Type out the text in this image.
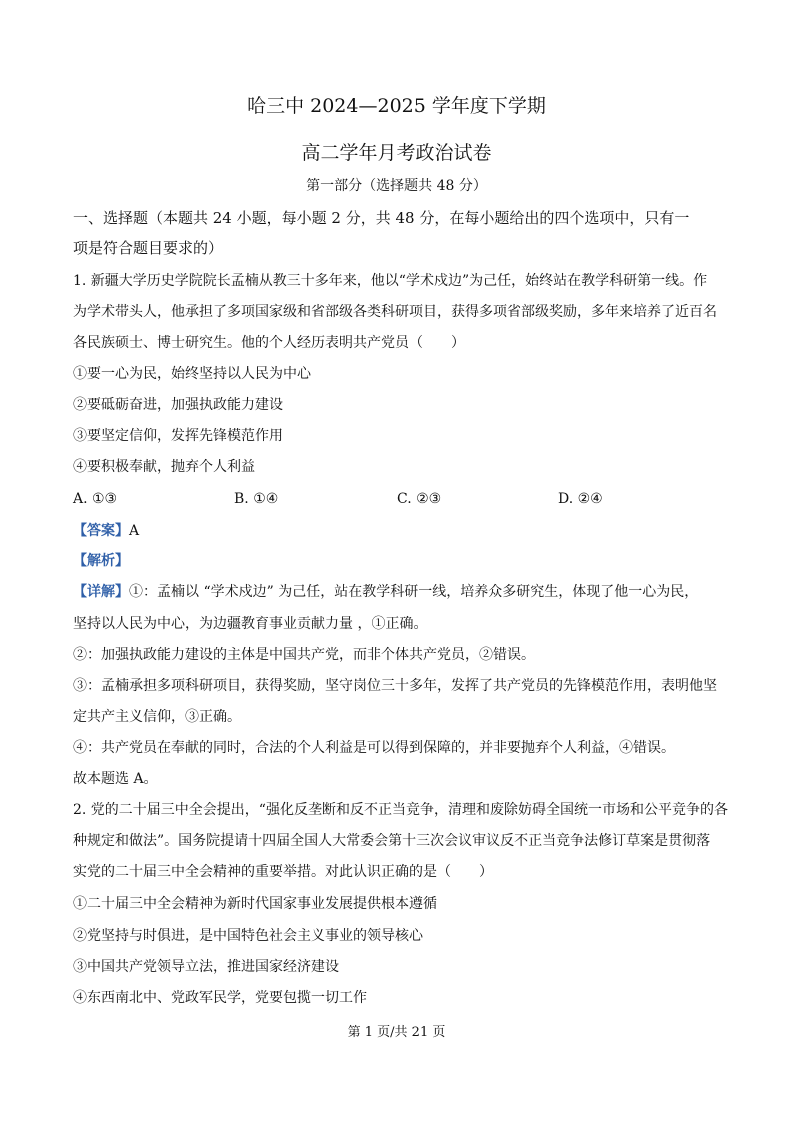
哈三中 2024—2025 学年度下学期
高二学年月考政治试卷
第一部分（选择题共 48 分）
一、选择题（本题共 24 小题，每小题 2 分，共 48 分，在每小题给出的四个选项中，只有一
项是符合题目要求的）
1. 新疆大学历史学院院长孟楠从教三十多年来，他以“学术戍边”为己任，始终站在教学科研第一线。作
为学术带头人，他承担了多项国家级和省部级各类科研项目，获得多项省部级奖励，多年来培养了近百名
各民族硕士、博士研究生。他的个人经历表明共产党员（　　）
①要一心为民，始终坚持以人民为中心
②要砥砺奋进，加强执政能力建设
③要坚定信仰，发挥先锋模范作用
④要积极奉献，抛弃个人利益
A. ①③	B. ①④	C. ②③	D. ②④
【答案】A
【解析】
【详解】①：孟楠以 “学术戍边” 为己任，站在教学科研一线，培养众多研究生，体现了他一心为民，
坚持以人民为中心，为边疆教育事业贡献力量 ，①正确。
②：加强执政能力建设的主体是中国共产党，而非个体共产党员，②错误。
③：孟楠承担多项科研项目，获得奖励，坚守岗位三十多年，发挥了共产党员的先锋模范作用，表明他坚
定共产主义信仰，③正确。
④：共产党员在奉献的同时，合法的个人利益是可以得到保障的，并非要抛弃个人利益，④错误。
故本题选 A。
2. 党的二十届三中全会提出，“强化反垄断和反不正当竞争，清理和废除妨碍全国统一市场和公平竞争的各
种规定和做法”。国务院提请十四届全国人大常委会第十三次会议审议反不正当竞争法修订草案是贯彻落
实党的二十届三中全会精神的重要举措。对此认识正确的是（　　）
①二十届三中全会精神为新时代国家事业发展提供根本遵循
②党坚持与时俱进，是中国特色社会主义事业的领导核心
③中国共产党领导立法，推进国家经济建设
④东西南北中、党政军民学，党要包揽一切工作
第 1 页/共 21 页
